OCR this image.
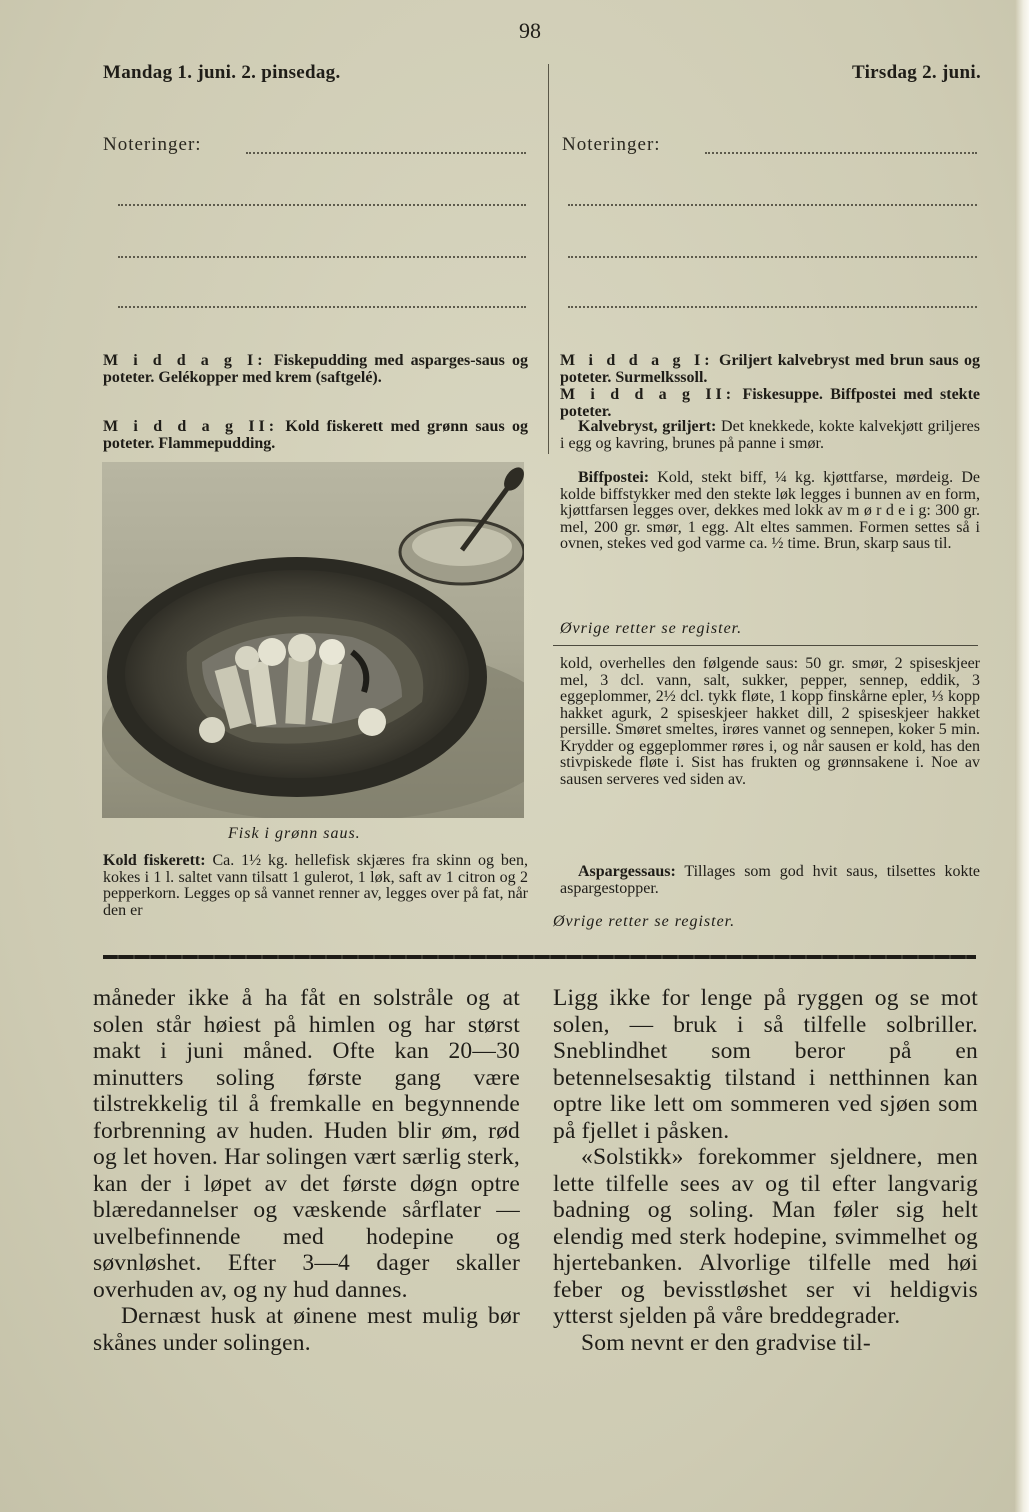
98
Mandag 1. juni. 2. pinsedag.	Tirsdag 2. juni.
Noteringer:	Noteringer:
M i d d a g I: Fiskepudding med asparges-saus og poteter. Gelékopper med krem (saftgelé).
M i d d a g II: Kold fiskerett med grønn saus og poteter. Flammepudding.
Fisk i grønn saus.
Kold fiskerett: Ca. 1½ kg. hellefisk skjæres fra skinn og ben, kokes i 1 l. saltet vann tilsatt 1 gulerot, 1 løk, saft av 1 citron og 2 pepperkorn. Legges op så vannet renner av, legges over på fat, når den er
M i d d a g I: Griljert kalvebryst med brun saus og poteter. Surmelkssoll.
M i d d a g II: Fiskesuppe. Biffpostei med stekte poteter.
Kalvebryst, griljert: Det knekkede, kokte kalvekjøtt griljeres i egg og kavring, brunes på panne i smør.
Biffpostei: Kold, stekt biff, ¼ kg. kjøttfarse, mørdeig. De kolde biffstykker med den stekte løk legges i bunnen av en form, kjøttfarsen legges over, dekkes med lokk av m ø r d e i g: 300 gr. mel, 200 gr. smør, 1 egg. Alt eltes sammen. Formen settes så i ovnen, stekes ved god varme ca. ½ time. Brun, skarp saus til.
Øvrige retter se register.
kold, overhelles den følgende saus: 50 gr. smør, 2 spiseskjeer mel, 3 dcl. vann, salt, sukker, pepper, sennep, eddik, 3 eggeplommer, 2½ dcl. tykk fløte, 1 kopp finskårne epler, ⅓ kopp hakket agurk, 2 spiseskjeer hakket dill, 2 spiseskjeer hakket persille. Smøret smeltes, irøres vannet og sennepen, koker 5 min. Krydder og eggeplommer røres i, og når sausen er kold, has den stivpiskede fløte i. Sist has frukten og grønnsakene i. Noe av sausen serveres ved siden av.
Aspargessaus: Tillages som god hvit saus, tilsettes kokte aspargestopper.
Øvrige retter se register.

måneder ikke å ha fåt en solstråle og at solen står høiest på himlen og har størst makt i juni måned. Ofte kan 20—30 minutters soling første gang være tilstrekkelig til å fremkalle en begynnende forbrenning av huden. Huden blir øm, rød og let hoven. Har solingen vært særlig sterk, kan der i løpet av det første døgn optre blæredannelser og væskende sårflater — uvelbefinnende med hodepine og søvnløshet. Efter 3—4 dager skaller overhuden av, og ny hud dannes.

Dernæst husk at øinene mest mulig bør skånes under solingen.

Ligg ikke for lenge på ryggen og se mot solen, — bruk i så tilfelle solbriller. Sneblindhet som beror på en betennelsesaktig tilstand i netthinnen kan optre like lett om sommeren ved sjøen som på fjellet i påsken.

«Solstikk» forekommer sjeldnere, men lette tilfelle sees av og til efter langvarig badning og soling. Man føler sig helt elendig med sterk hodepine, svimmelhet og hjertebanken. Alvorlige tilfelle med høi feber og bevisstløshet ser vi heldigvis ytterst sjelden på våre breddegrader.

Som nevnt er den gradvise til-
